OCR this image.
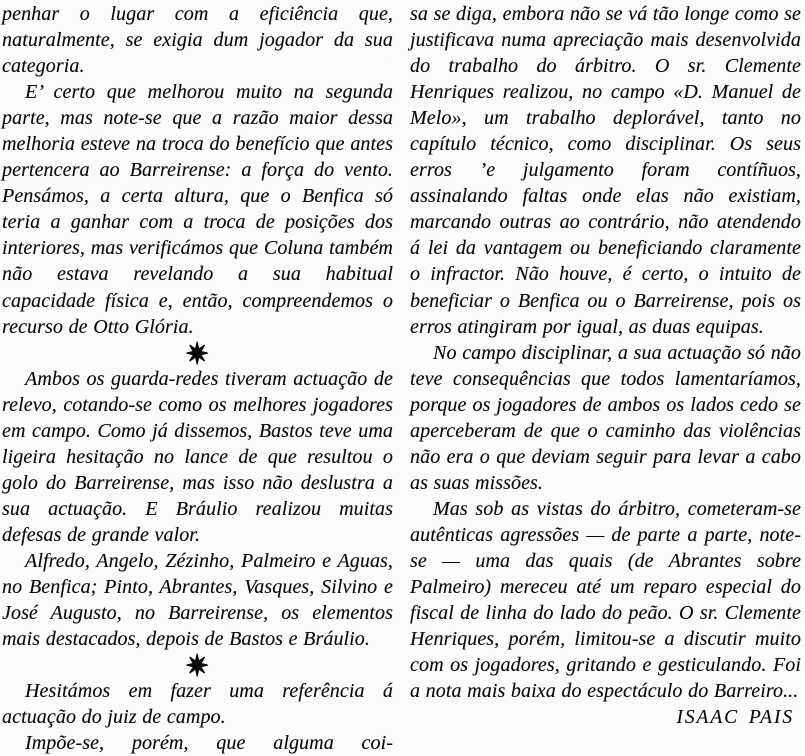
penhar o lugar com a eficiência que, naturalmente, se exigia dum jogador da sua categoria.

E’ certo que melhorou muito na segunda parte, mas note-se que a razão maior dessa melhoria esteve na troca do benefício que antes pertencera ao Barreirense: a força do vento. Pensámos, a certa altura, que o Benfica só teria a ganhar com a troca de posições dos interiores, mas verificámos que Coluna também não estava revelando a sua habitual capacidade física e, então, compreendemos o recurso de Otto Glória.

✷

Ambos os guarda-redes tiveram actuação de relevo, cotando-se como os melhores jogadores em campo. Como já dissemos, Bastos teve uma ligeira hesitação no lance de que resultou o golo do Barreirense, mas isso não deslustra a sua actuação. E Bráulio realizou muitas defesas de grande valor.

Alfredo, Angelo, Zézinho, Palmeiro e Aguas, no Benfica; Pinto, Abrantes, Vasques, Silvino e José Augusto, no Barreirense, os elementos mais destacados, depois de Bastos e Bráulio.

✷

Hesitámos em fazer uma referência á actuação do juiz de campo.

Impõe-se, porém, que alguma coi-

sa se diga, embora não se vá tão longe como se justificava numa apreciação mais desenvolvida do trabalho do árbitro. O sr. Clemente Henriques realizou, no campo «D. Manuel de Melo», um trabalho deplorável, tanto no capítulo técnico, como disciplinar. Os seus erros ’e julgamento foram contíñuos, assinalando faltas onde elas não existiam, marcando outras ao contrário, não atendendo á lei da vantagem ou beneficiando claramente o infractor. Não houve, é certo, o intuito de beneficiar o Benfica ou o Barreirense, pois os erros atingiram por igual, as duas equipas.

No campo disciplinar, a sua actuação só não teve consequências que todos lamentaríamos, porque os jogadores de ambos os lados cedo se aperceberam de que o caminho das violências não era o que deviam seguir para levar a cabo as suas missões.

Mas sob as vistas do árbitro, cometeram-se autênticas agressões — de parte a parte, note-se — uma das quais (de Abrantes sobre Palmeiro) mereceu até um reparo especial do fiscal de linha do lado do peão. O sr. Clemente Henriques, porém, limitou-se a discutir muito com os jogadores, gritando e gesticulando. Foi a nota mais baixa do espectáculo do Barreiro...

ISAAC PAIS
